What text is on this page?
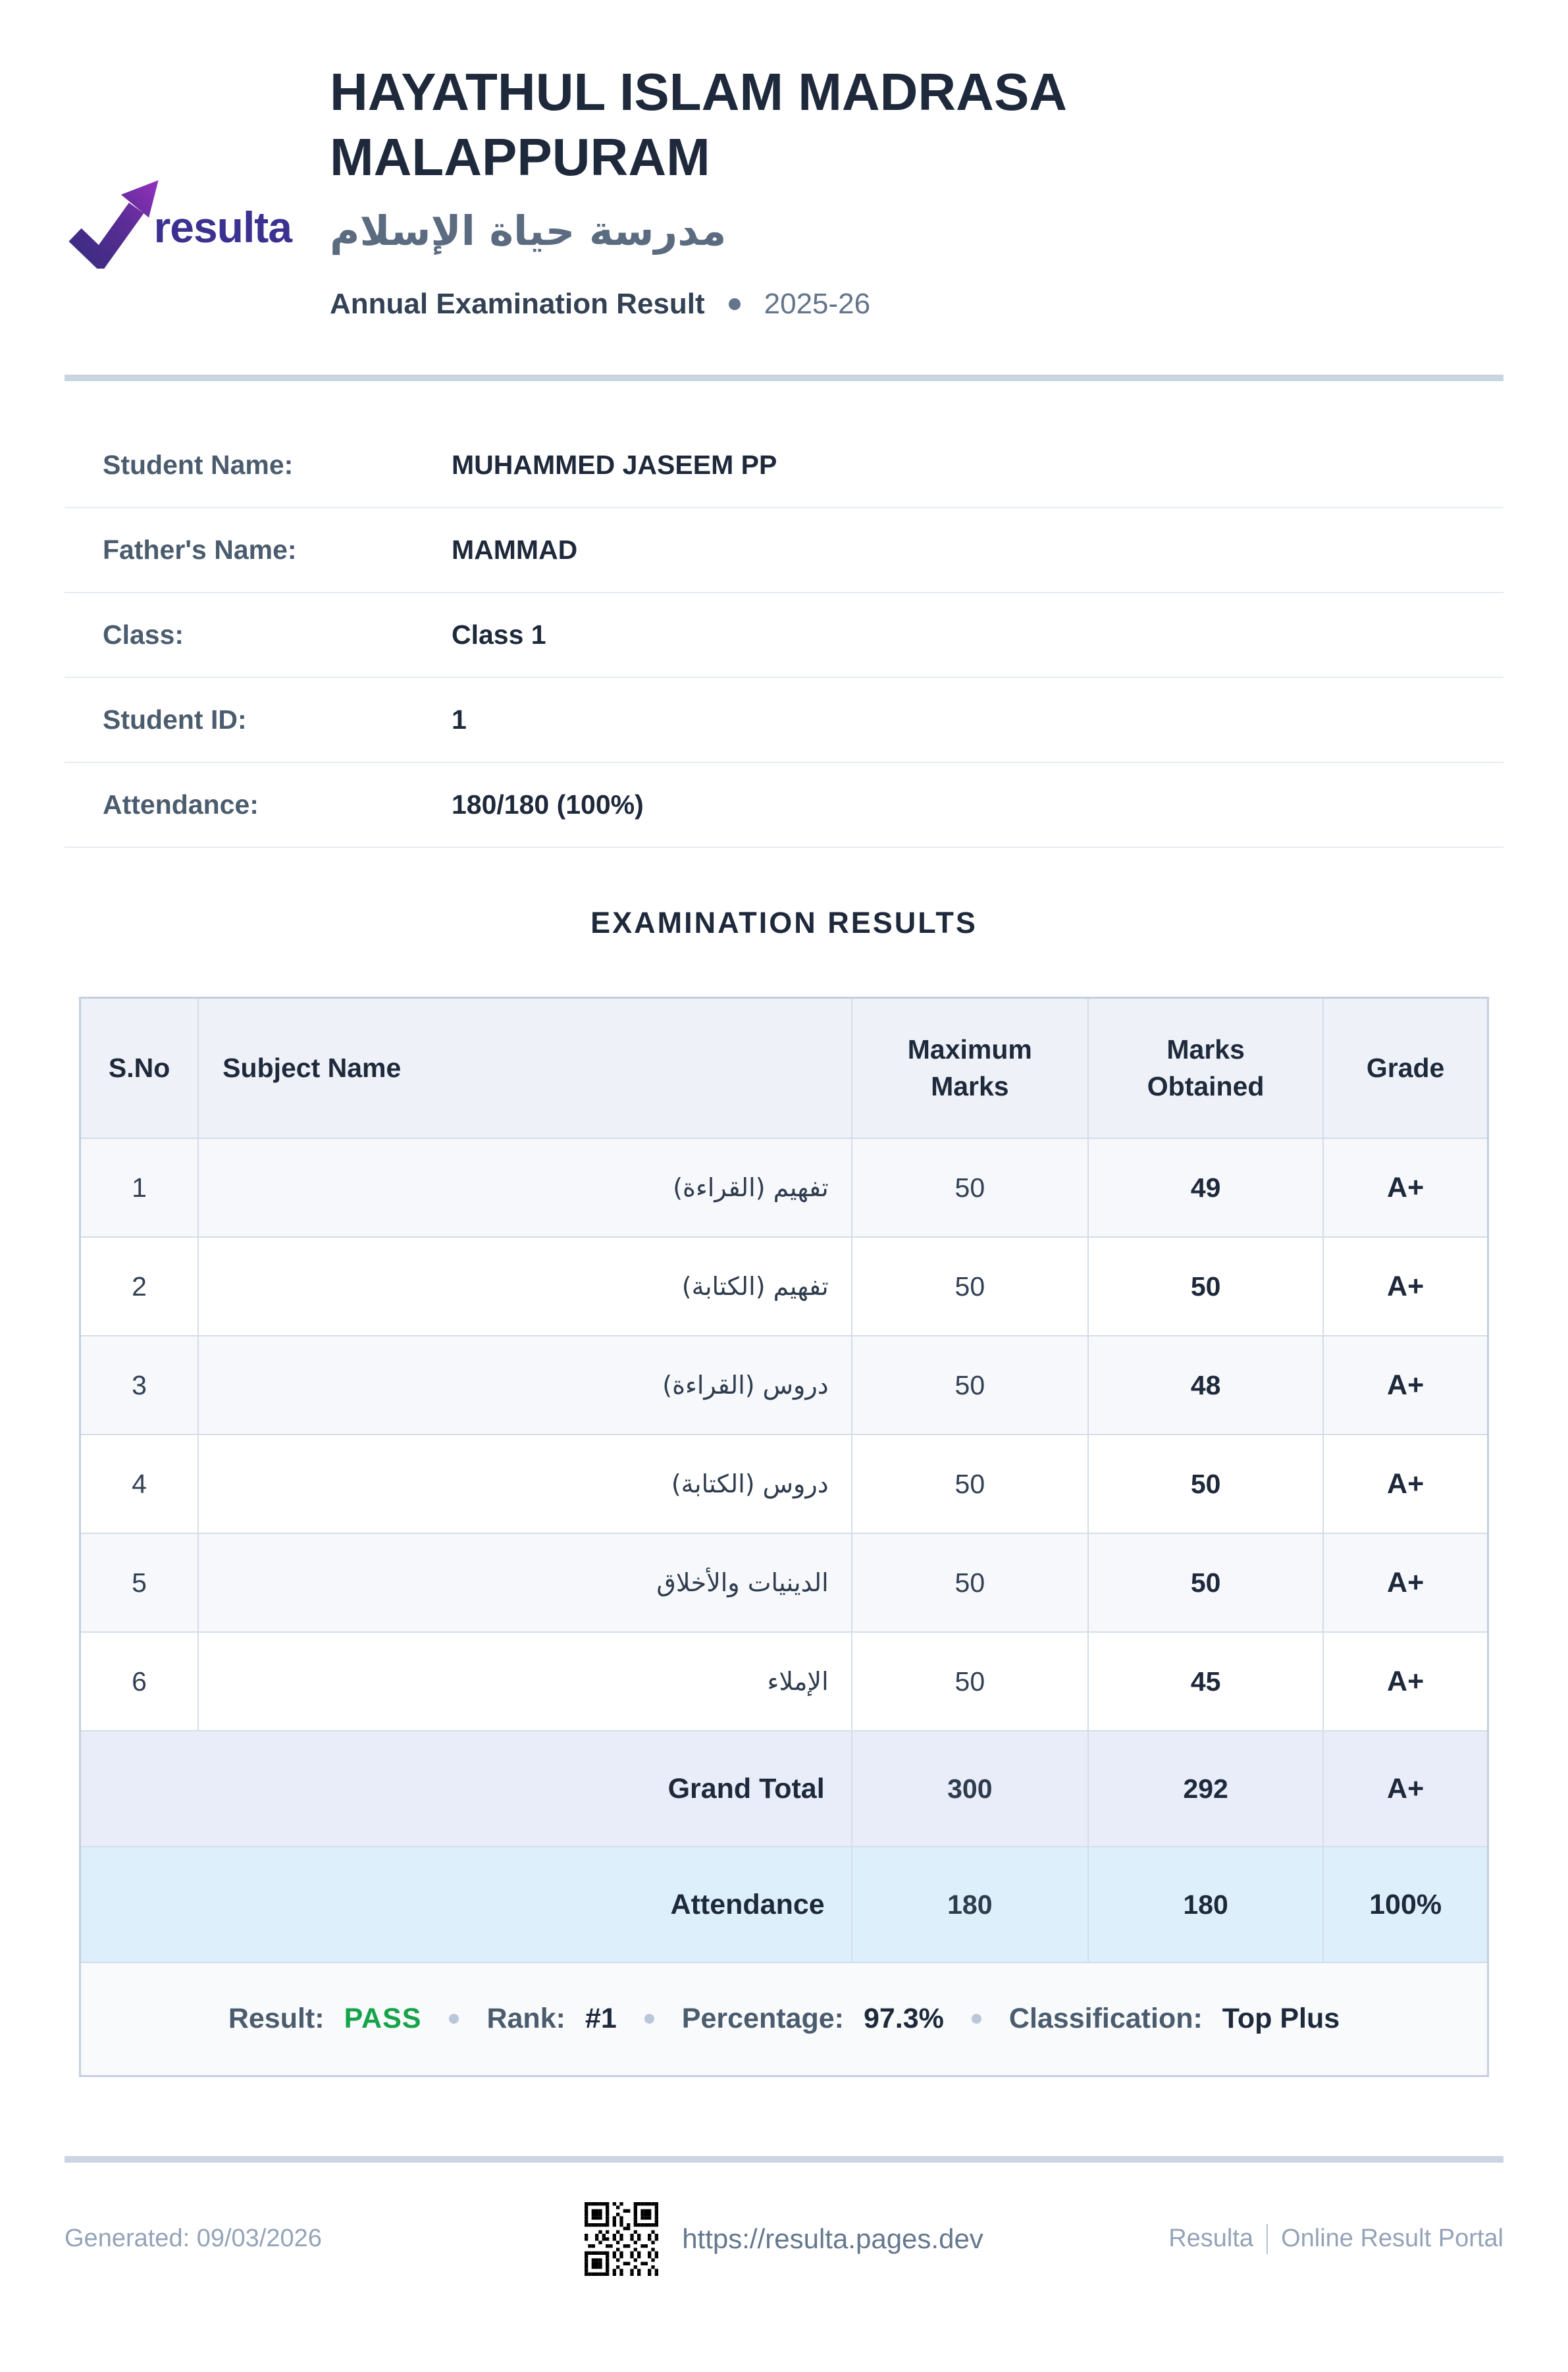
resulta
HAYATHUL ISLAM MADRASA MALAPPURAM
مدرسة حياة الإسلام
Annual Examination Result 2025-26
Student Name:	MUHAMMED JASEEM PP
Father's Name:	MAMMAD
Class:	Class 1
Student ID:	1
Attendance:	180/180 (100%)
EXAMINATION RESULTS
S.No	Subject Name	Maximum Marks	Marks Obtained	Grade
1	تفهيم (القراءة)	50	49	A+
2	تفهيم (الكتابة)	50	50	A+
3	دروس (القراءة)	50	48	A+
4	دروس (الكتابة)	50	50	A+
5	الدينيات والأخلاق	50	50	A+
6	الإملاء	50	45	A+
Grand Total		300	292	A+
Attendance		180	180	100%

Result: PASS Rank: #1 Percentage: 97.3% Classification: Top Plus
Generated: 09/03/2026	https://resulta.pages.dev	Resulta Online Result Portal
